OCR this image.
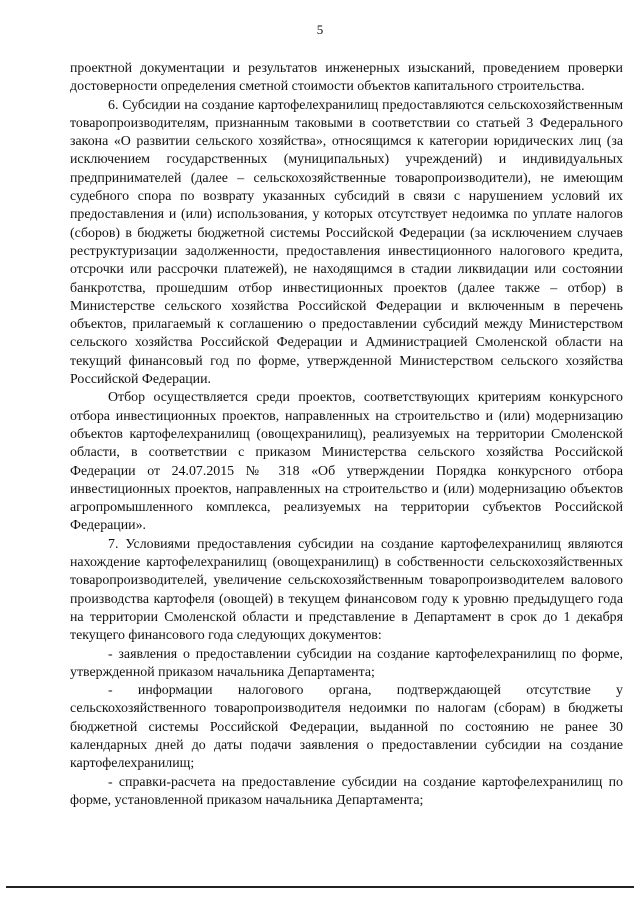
5

проектной документации и результатов инженерных изысканий, проведением проверки достоверности определения сметной стоимости объектов капитального строительства.

6. Субсидии на создание картофелехранилищ предоставляются сельскохозяйственным товаропроизводителям, признанным таковыми в соответствии со статьей 3 Федерального закона «О развитии сельского хозяйства», относящимся к категории юридических лиц (за исключением государственных (муниципальных) учреждений) и индивидуальных предпринимателей (далее – сельскохозяйственные товаропроизводители), не имеющим судебного спора по возврату указанных субсидий в связи с нарушением условий их предоставления и (или) использования, у которых отсутствует недоимка по уплате налогов (сборов) в бюджеты бюджетной системы Российской Федерации (за исключением случаев реструктуризации задолженности, предоставления инвестиционного налогового кредита, отсрочки или рассрочки платежей), не находящимся в стадии ликвидации или состоянии банкротства, прошедшим отбор инвестиционных проектов (далее также – отбор) в Министерстве сельского хозяйства Российской Федерации и включенным в перечень объектов, прилагаемый к соглашению о предоставлении субсидий между Министерством сельского хозяйства Российской Федерации и Администрацией Смоленской области на текущий финансовый год по форме, утвержденной Министерством сельского хозяйства Российской Федерации.

Отбор осуществляется среди проектов, соответствующих критериям конкурсного отбора инвестиционных проектов, направленных на строительство и (или) модернизацию объектов картофелехранилищ (овощехранилищ), реализуемых на территории Смоленской области, в соответствии с приказом Министерства сельского хозяйства Российской Федерации от 24.07.2015 № 318 «Об утверждении Порядка конкурсного отбора инвестиционных проектов, направленных на строительство и (или) модернизацию объектов агропромышленного комплекса, реализуемых на территории субъектов Российской Федерации».

7. Условиями предоставления субсидии на создание картофелехранилищ являются нахождение картофелехранилищ (овощехранилищ) в собственности сельскохозяйственных товаропроизводителей, увеличение сельскохозяйственным товаропроизводителем валового производства картофеля (овощей) в текущем финансовом году к уровню предыдущего года на территории Смоленской области и представление в Департамент в срок до 1 декабря текущего финансового года следующих документов:

- заявления о предоставлении субсидии на создание картофелехранилищ по форме, утвержденной приказом начальника Департамента;

- информации налогового органа, подтверждающей отсутствие у сельскохозяйственного товаропроизводителя недоимки по налогам (сборам) в бюджеты бюджетной системы Российской Федерации, выданной по состоянию не ранее 30 календарных дней до даты подачи заявления о предоставлении субсидии на создание картофелехранилищ;

- справки-расчета на предоставление субсидии на создание картофелехранилищ по форме, установленной приказом начальника Департамента;
